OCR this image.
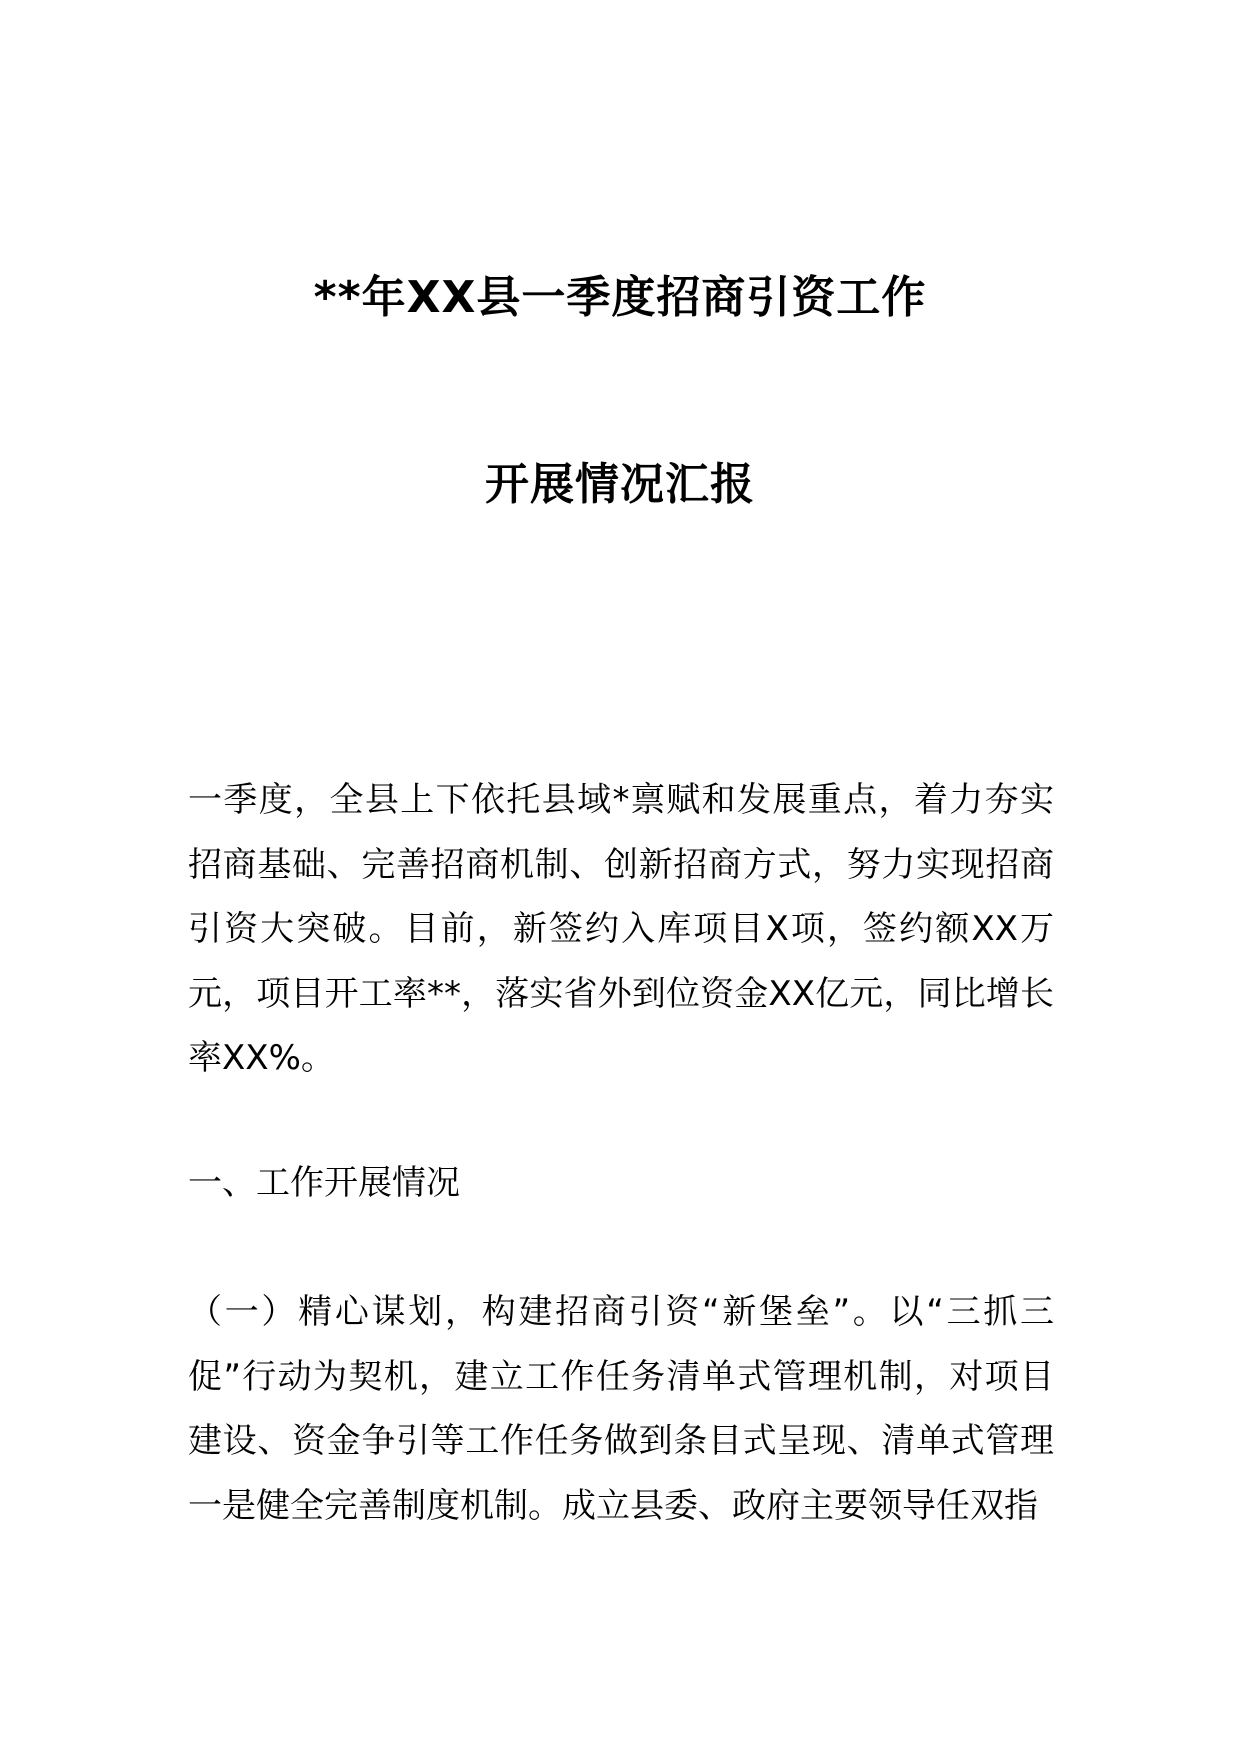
**年XX县一季度招商引资工作
开展情况汇报
一季度，全县上下依托县域*禀赋和发展重点，着力夯实招商基础、完善招商机制、创新招商方式，努力实现招商引资大突破。目前，新签约入库项目X项，签约额XX万元，项目开工率**，落实省外到位资金XX亿元，同比增长率XX%。
一、工作开展情况
（一）精心谋划，构建招商引资“新堡垒”。以“三抓三促”行动为契机，建立工作任务清单式管理机制，对项目建设、资金争引等工作任务做到条目式呈现、清单式管理一是健全完善制度机制。成立县委、政府主要领导任双指
